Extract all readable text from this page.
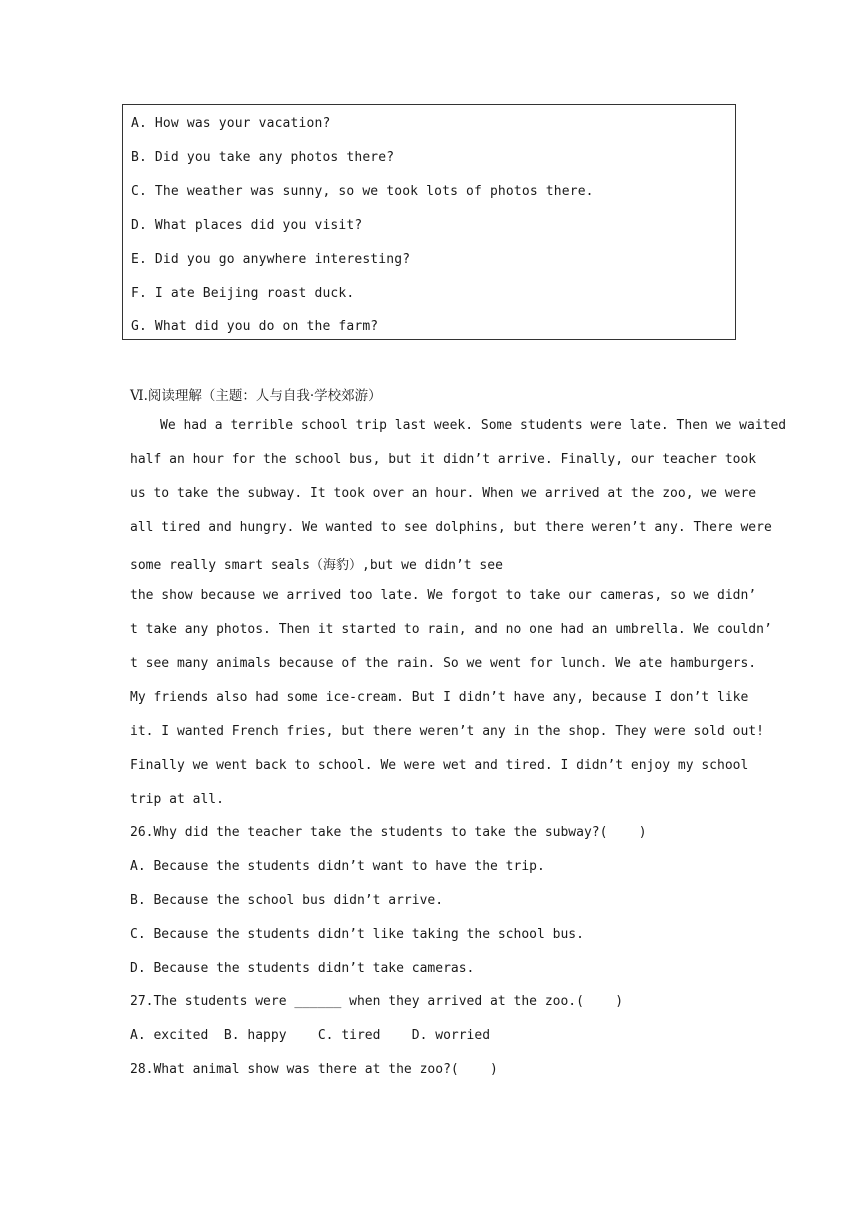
A. How was your vacation?
B. Did you take any photos there?
C. The weather was sunny, so we took lots of photos there.
D. What places did you visit?
E. Did you go anywhere interesting?
F. I ate Beijing roast duck.
G. What did you do on the farm?
Ⅵ.阅读理解（主题：人与自我·学校郊游）
We had a terrible school trip last week. Some students were late. Then we waited
half an hour for the school bus, but it didn’t arrive. Finally, our teacher took
us to take the subway. It took over an hour. When we arrived at the zoo, we were
all tired and hungry. We wanted to see dolphins, but there weren’t any. There were
some really smart seals（海豹）,but we didn’t see
the show because we arrived too late. We forgot to take our cameras, so we didn’
t take any photos. Then it started to rain, and no one had an umbrella. We couldn’
t see many animals because of the rain. So we went for lunch. We ate hamburgers.
My friends also had some ice-cream. But I didn’t have any, because I don’t like
it. I wanted French fries, but there weren’t any in the shop. They were sold out!
Finally we went back to school. We were wet and tired. I didn’t enjoy my school
trip at all.
26.Why did the teacher take the students to take the subway?(    )
A. Because the students didn’t want to have the trip.
B. Because the school bus didn’t arrive.
C. Because the students didn’t like taking the school bus.
D. Because the students didn’t take cameras.
27.The students were ______ when they arrived at the zoo.(    )
A. excited  B. happy    C. tired    D. worried
28.What animal show was there at the zoo?(    )
